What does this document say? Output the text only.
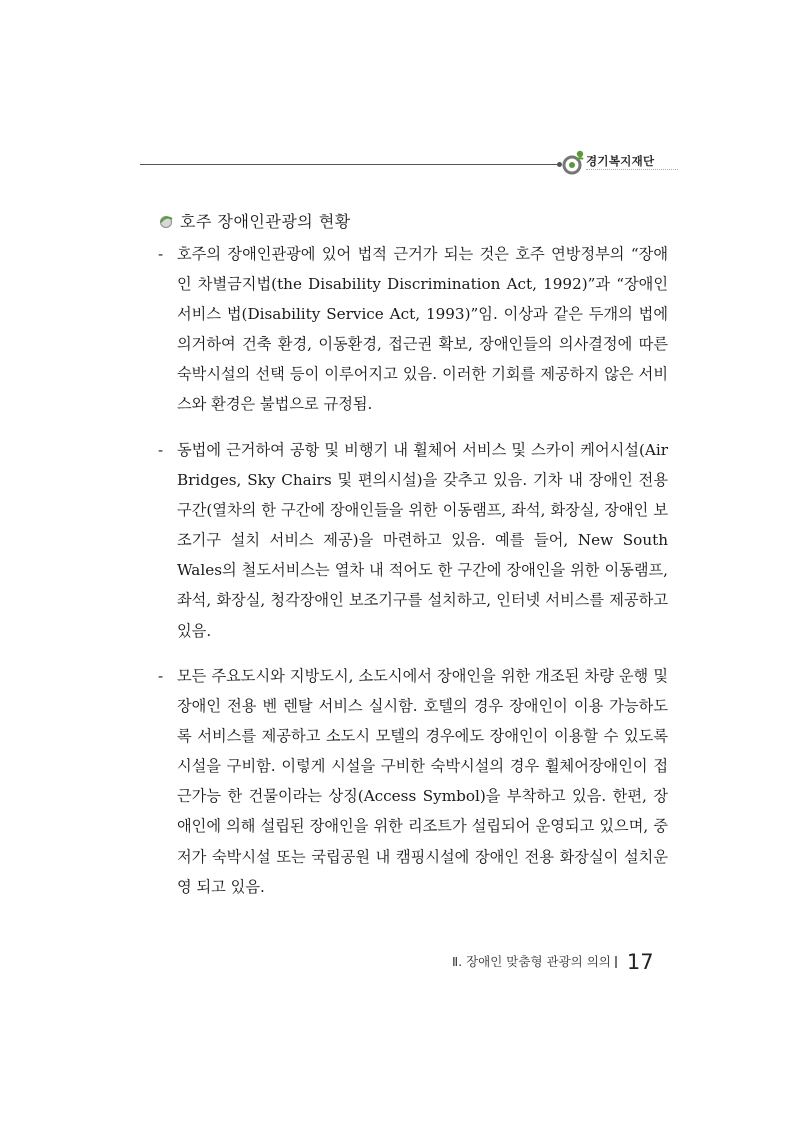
경기복지재단
호주 장애인관광의 현황
- 호주의 장애인관광에 있어 법적 근거가 되는 것은 호주 연방정부의 “장애인 차별금지법(the Disability Discrimination Act, 1992)”과 “장애인 서비스 법(Disability Service Act, 1993)”임. 이상과 같은 두개의 법에 의거하여 건축 환경, 이동환경, 접근권 확보, 장애인들의 의사결정에 따른 숙박시설의 선택 등이 이루어지고 있음. 이러한 기회를 제공하지 않은 서비스와 환경은 불법으로 규정됨.
- 동법에 근거하여 공항 및 비행기 내 휠체어 서비스 및 스카이 케어시설(Air Bridges, Sky Chairs 및 편의시설)을 갖추고 있음. 기차 내 장애인 전용구간(열차의 한 구간에 장애인들을 위한 이동램프, 좌석, 화장실, 장애인 보조기구 설치 서비스 제공)을 마련하고 있음. 예를 들어, New South Wales의 철도서비스는 열차 내 적어도 한 구간에 장애인을 위한 이동램프, 좌석, 화장실, 청각장애인 보조기구를 설치하고, 인터넷 서비스를 제공하고 있음.
- 모든 주요도시와 지방도시, 소도시에서 장애인을 위한 개조된 차량 운행 및 장애인 전용 벤 렌탈 서비스 실시함. 호텔의 경우 장애인이 이용 가능하도록 서비스를 제공하고 소도시 모텔의 경우에도 장애인이 이용할 수 있도록 시설을 구비함. 이렇게 시설을 구비한 숙박시설의 경우 휠체어장애인이 접근가능 한 건물이라는 상징(Access Symbol)을 부착하고 있음. 한편, 장애인에 의해 설립된 장애인을 위한 리조트가 설립되어 운영되고 있으며, 중저가 숙박시설 또는 국립공원 내 캠핑시설에 장애인 전용 화장실이 설치운영 되고 있음.
Ⅱ. 장애인 맞춤형 관광의 의의 17
